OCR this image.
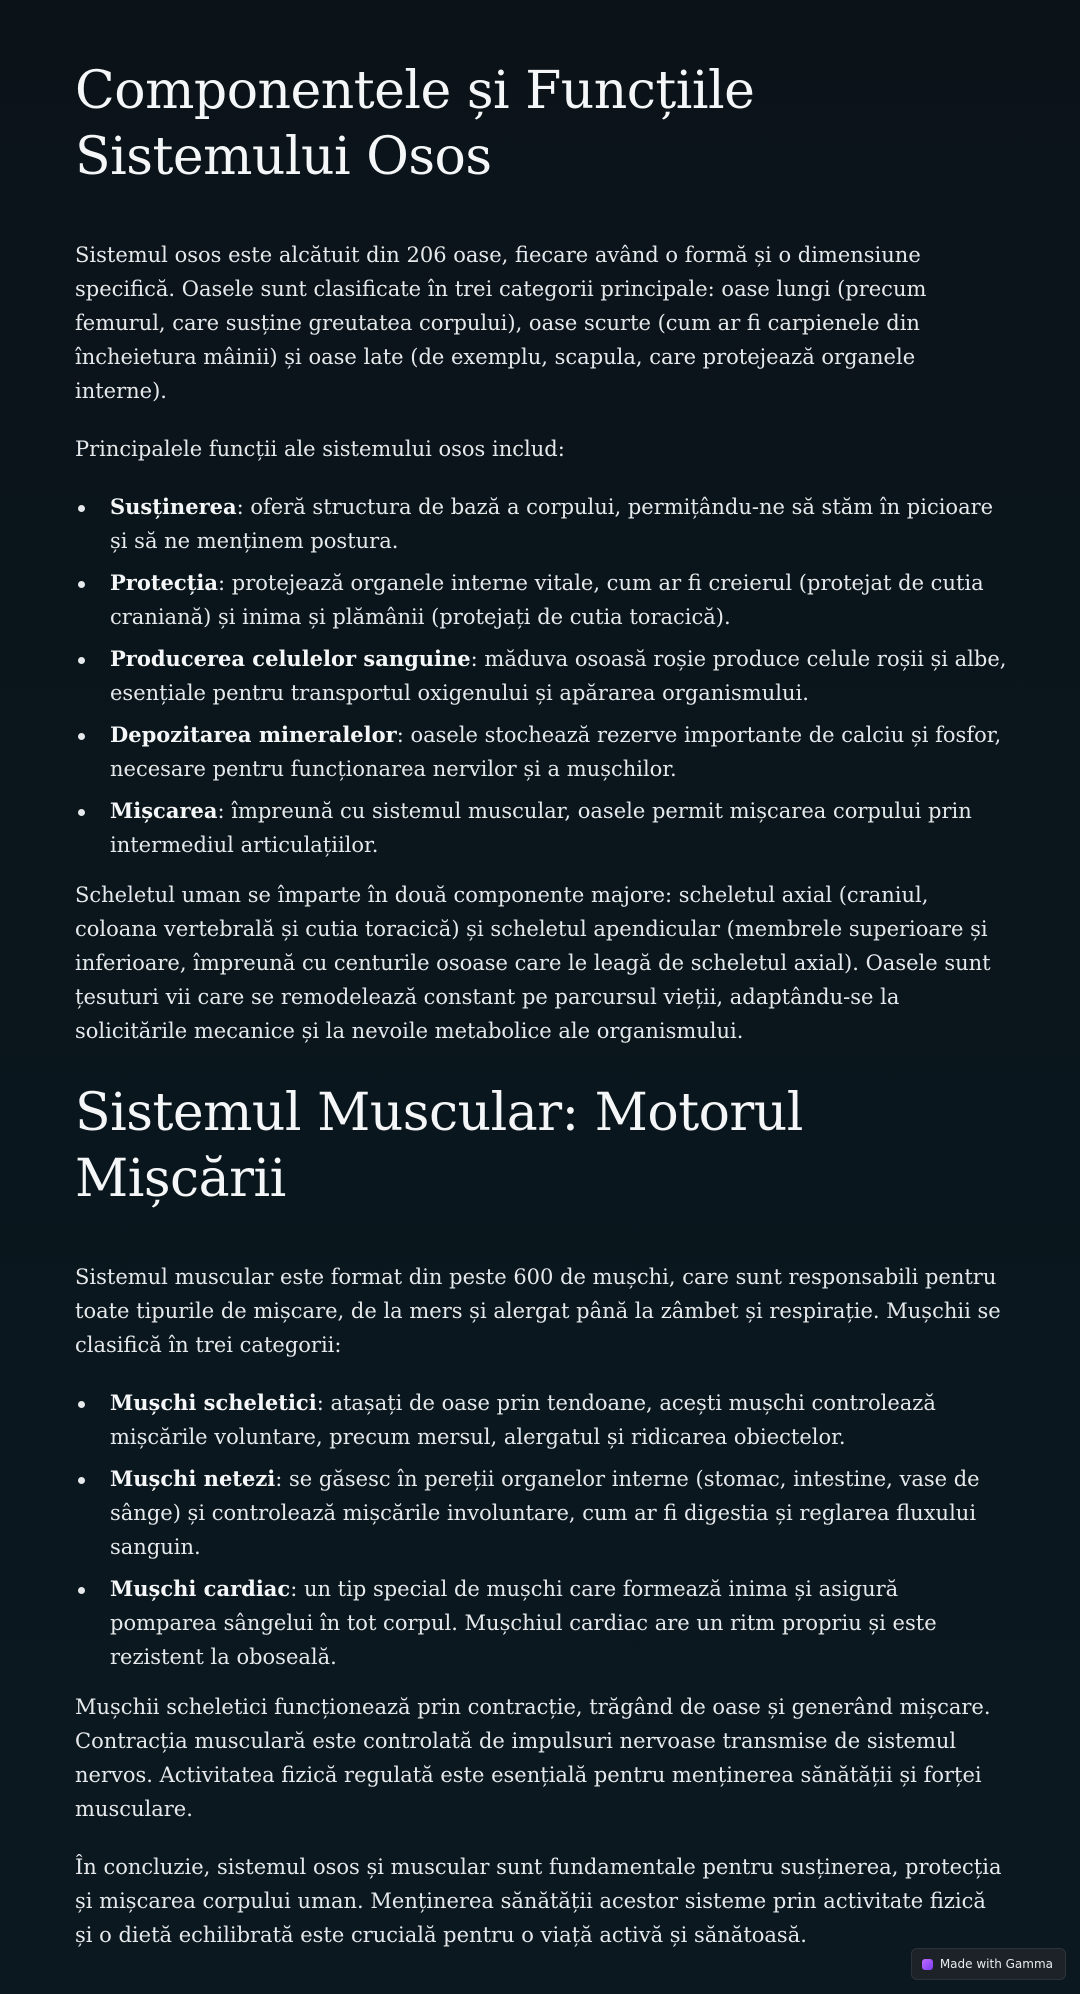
Componentele și Funcțiile Sistemului Osos

Sistemul osos este alcătuit din 206 oase, fiecare având o formă și o dimensiune specifică. Oasele sunt clasificate în trei categorii principale: oase lungi (precum femurul, care susține greutatea corpului), oase scurte (cum ar fi carpienele din încheietura mâinii) și oase late (de exemplu, scapula, care protejează organele interne).

Principalele funcții ale sistemului osos includ:

Susținerea: oferă structura de bază a corpului, permițându-ne să stăm în picioare și să ne menținem postura.
Protecția: protejează organele interne vitale, cum ar fi creierul (protejat de cutia craniană) și inima și plămânii (protejați de cutia toracică).
Producerea celulelor sanguine: măduva osoasă roșie produce celule roșii și albe, esențiale pentru transportul oxigenului și apărarea organismului.
Depozitarea mineralelor: oasele stochează rezerve importante de calciu și fosfor, necesare pentru funcționarea nervilor și a mușchilor.
Mișcarea: împreună cu sistemul muscular, oasele permit mișcarea corpului prin intermediul articulațiilor.

Scheletul uman se împarte în două componente majore: scheletul axial (craniul, coloana vertebrală și cutia toracică) și scheletul apendicular (membrele superioare și inferioare, împreună cu centurile osoase care le leagă de scheletul axial). Oasele sunt țesuturi vii care se remodelează constant pe parcursul vieții, adaptându-se la solicitările mecanice și la nevoile metabolice ale organismului.

Sistemul Muscular: Motorul Mișcării

Sistemul muscular este format din peste 600 de mușchi, care sunt responsabili pentru toate tipurile de mișcare, de la mers și alergat până la zâmbet și respirație. Mușchii se clasifică în trei categorii:

Mușchi scheletici: atașați de oase prin tendoane, acești mușchi controlează mișcările voluntare, precum mersul, alergatul și ridicarea obiectelor.
Mușchi netezi: se găsesc în pereții organelor interne (stomac, intestine, vase de sânge) și controlează mișcările involuntare, cum ar fi digestia și reglarea fluxului sanguin.
Mușchi cardiac: un tip special de mușchi care formează inima și asigură pomparea sângelui în tot corpul. Mușchiul cardiac are un ritm propriu și este rezistent la oboseală.

Mușchii scheletici funcționează prin contracție, trăgând de oase și generând mișcare. Contracția musculară este controlată de impulsuri nervoase transmise de sistemul nervos. Activitatea fizică regulată este esențială pentru menținerea sănătății și forței musculare.

În concluzie, sistemul osos și muscular sunt fundamentale pentru susținerea, protecția și mișcarea corpului uman. Menținerea sănătății acestor sisteme prin activitate fizică și o dietă echilibrată este crucială pentru o viață activă și sănătoasă.

Made with Gamma
